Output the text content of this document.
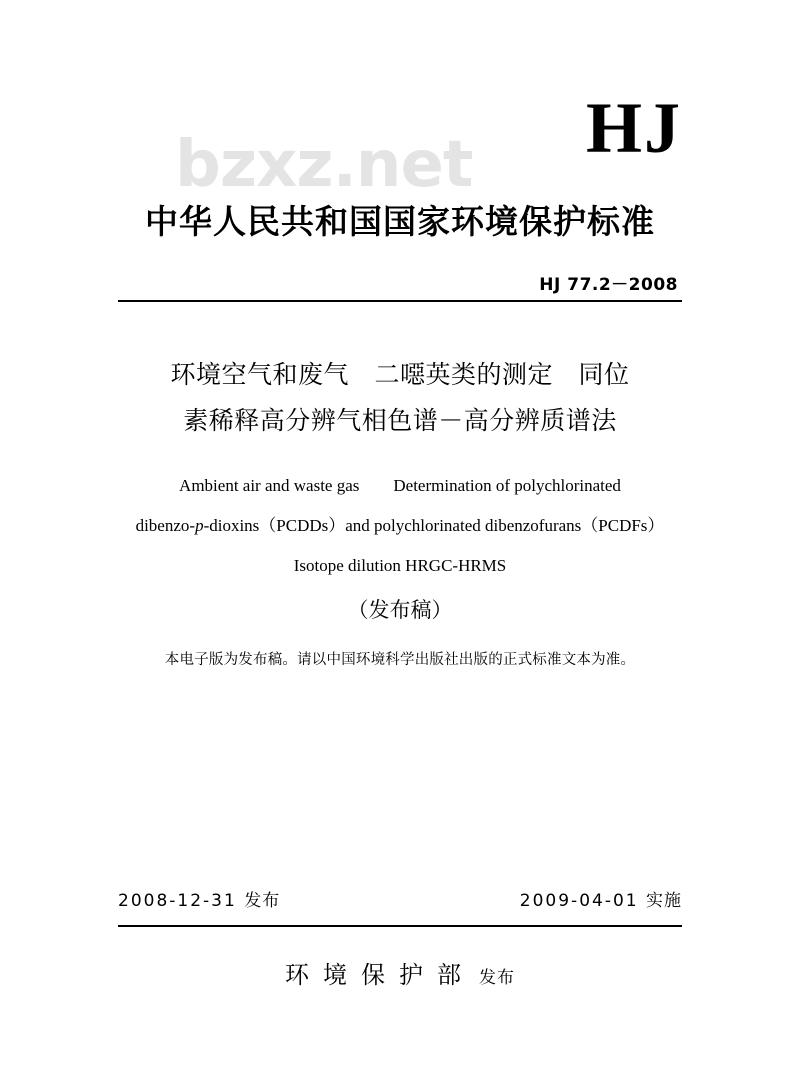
bzxz.net HJ
中华人民共和国国家环境保护标准
HJ 77.2－2008
环境空气和废气　二噁英类的测定　同位
素稀释高分辨气相色谱－高分辨质谱法
Ambient air and waste gas　　Determination of polychlorinated
dibenzo-p-dioxins（PCDDs）and polychlorinated dibenzofurans（PCDFs）
Isotope dilution HRGC-HRMS
（发布稿）
本电子版为发布稿。请以中国环境科学出版社出版的正式标准文本为准。
2008-12-31 发布	2009-04-01 实施
环境保护部 发布
